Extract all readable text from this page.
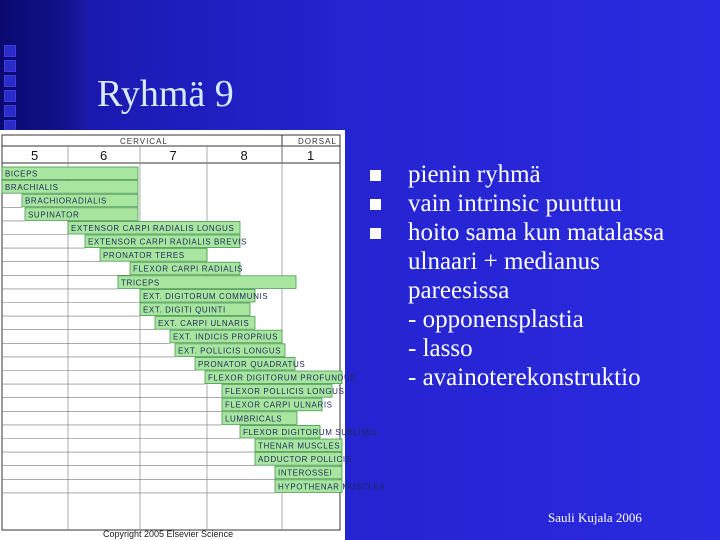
Ryhmä 9
CERVICAL	DORSAL
5	6	7	8	1
BICEPS
BRACHIALIS
BRACHIORADIALIS
SUPINATOR
EXTENSOR CARPI RADIALIS LONGUS
EXTENSOR CARPI RADIALIS BREVIS
PRONATOR TERES
FLEXOR CARPI RADIALIS
TRICEPS
EXT. DIGITORUM COMMUNIS
EXT. DIGITI QUINTI
EXT. CARPI ULNARIS
EXT. INDICIS PROPRIUS
EXT. POLLICIS LONGUS
PRONATOR QUADRATUS
FLEXOR DIGITORUM PROFUNDUS
FLEXOR POLLICIS LONGUS
FLEXOR CARPI ULNARIS
LUMBRICALS
FLEXOR DIGITORUM SUBLIMIS
THENAR MUSCLES
ADDUCTOR POLLICIS
INTEROSSEI
HYPOTHENAR MUSCLES
Copyright 2005 Elsevier Science
pienin ryhmä
vain intrinsic puuttuu
hoito sama kun matalassa
ulnaari + medianus
pareesissa
- opponensplastia
- lasso
- avainoterekonstruktio
Sauli Kujala 2006
